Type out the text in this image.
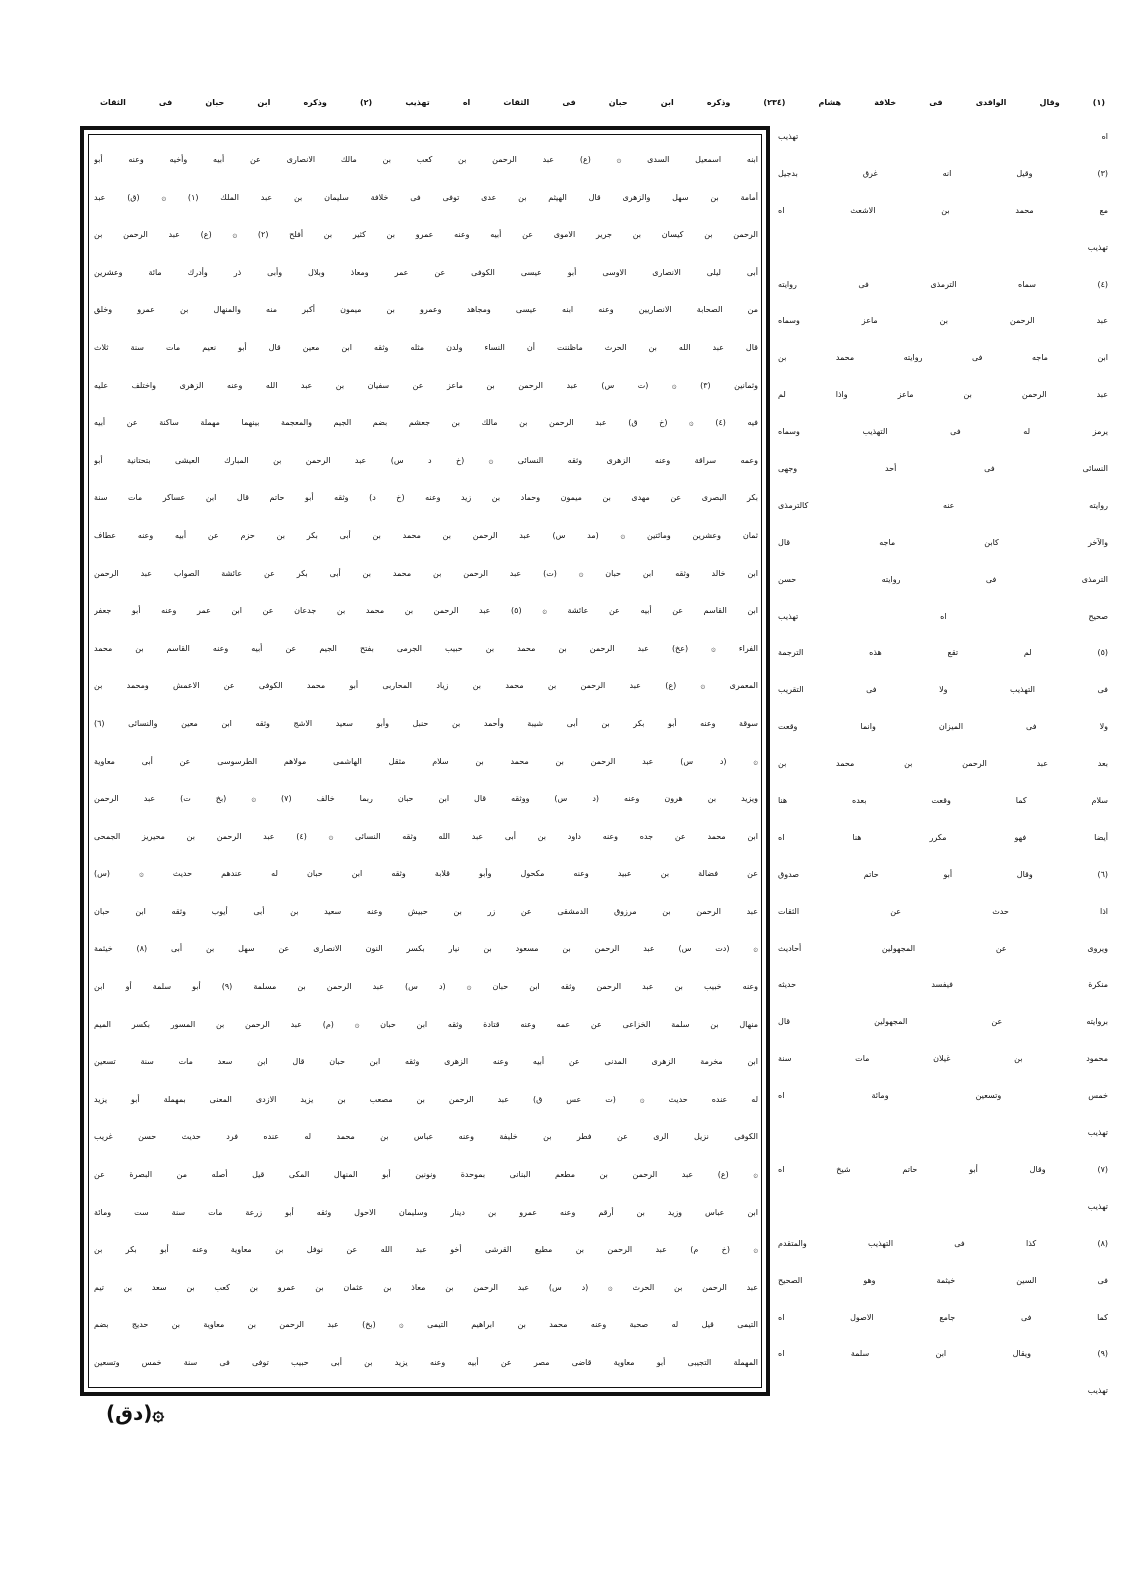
(١) وقال الواقدى فى خلافة هشام (٢٣٤) وذكره ابن حبان فى الثقات اه تهذيب (٢) وذكره ابن حبان فى الثقات
ابنه اسمعيل السدى ۞ (ع) عبد الرحمن بن كعب بن مالك الانصارى عن أبيه وأخيه وعنه أبو
أمامة بن سهل والزهرى قال الهيثم بن عدى توفى فى خلافة سليمان بن عبد الملك (١) ۞ (ق) عبد
الرحمن بن كيسان بن جرير الاموى عن أبيه وعنه عمرو بن كثير بن أفلح (٢) ۞ (ع) عبد الرحمن بن
أبى ليلى الانصارى الاوسى أبو عيسى الكوفى عن عمر ومعاذ وبلال وأبى ذر وأدرك مائة وعشرين
من الصحابة الانصاريين وعنه ابنه عيسى ومجاهد وعمرو بن ميمون أكبر منه والمنهال بن عمرو وخلق
قال عبد الله بن الحرث ماظننت أن النساء ولدن مثله وثقه ابن معين قال أبو نعيم مات سنة ثلاث
وثمانين (٣) ۞ (ت س) عبد الرحمن بن ماعز عن سفيان بن عبد الله وعنه الزهرى واختلف عليه
فيه (٤) ۞ (خ ق) عبد الرحمن بن مالك بن جعشم بضم الجيم والمعجمة بينهما مهملة ساكنة عن أبيه
وعمه سراقة وعنه الزهرى وثقه النسائى ۞ (خ د س) عبد الرحمن بن المبارك العيشى بتحتانية أبو
بكر البصرى عن مهدى بن ميمون وحماد بن زيد وعنه (خ د) وثقه أبو حاتم قال ابن عساكر مات سنة
ثمان وعشرين ومائتين ۞ (مد س) عبد الرحمن بن محمد بن أبى بكر بن حزم عن أبيه وعنه عطاف
ابن خالد وثقه ابن حبان ۞ (ت) عبد الرحمن بن محمد بن أبى بكر عن عائشة الصواب عبد الرحمن
ابن القاسم عن أبيه عن عائشة ۞ (٥) عبد الرحمن بن محمد بن جدعان عن ابن عمر وعنه أبو جعفر
الفراء ۞ (عخ) عبد الرحمن بن محمد بن حبيب الجرمى بفتح الجيم عن أبيه وعنه القاسم بن محمد
المعمرى ۞ (ع) عبد الرحمن بن محمد بن زياد المحاربى أبو محمد الكوفى عن الاعمش ومحمد بن
سوقة وعنه أبو بكر بن أبى شيبة وأحمد بن حنبل وأبو سعيد الاشج وثقه ابن معين والنسائى (٦)
۞ (د س) عبد الرحمن بن محمد بن سلام مثقل الهاشمى مولاهم الطرسوسى عن أبى معاوية
ويزيد بن هرون وعنه (د س) ووثقه قال ابن حبان ربما خالف (٧) ۞ (بخ ت) عبد الرحمن
ابن محمد عن جده وعنه داود بن أبى عبد الله وثقه النسائى ۞ (٤) عبد الرحمن بن محيريز الجمحى
عن فضالة بن عبيد وعنه مكحول وأبو قلابة وثقه ابن حبان له عندهم حديث ۞ (س)
عبد الرحمن بن مرزوق الدمشقى عن زر بن حبيش وعنه سعيد بن أبى أيوب وثقه ابن حبان
۞ (دت س) عبد الرحمن بن مسعود بن نيار بكسر النون الانصارى عن سهل بن أبى (٨) خيثمة
وعنه خبيب بن عبد الرحمن وثقه ابن حبان ۞ (د س) عبد الرحمن بن مسلمة (٩) أبو سلمة أو ابن
منهال بن سلمة الخزاعى عن عمه وعنه قتادة وثقه ابن حبان ۞ (م) عبد الرحمن بن المسور بكسر الميم
ابن مخرمة الزهرى المدنى عن أبيه وعنه الزهرى وثقه ابن حبان قال ابن سعد مات سنة تسعين
له عنده حديث ۞ (ت عس ق) عبد الرحمن بن مصعب بن يزيد الازدى المعنى بمهملة أبو يزيد
الكوفى نزيل الرى عن فطر بن خليفة وعنه عباس بن محمد له عنده فرد حديث حسن غريب
۞ (ع) عبد الرحمن بن مطعم البنانى بموحدة ونونين أبو المنهال المكى قيل أصله من البصرة عن
ابن عباس وزيد بن أرقم وعنه عمرو بن دينار وسليمان الاحول وثقه أبو زرعة مات سنة ست ومائة
۞ (خ م) عبد الرحمن بن مطيع القرشى أخو عبد الله عن نوفل بن معاوية وعنه أبو بكر بن
عبد الرحمن بن الحرث ۞ (د س) عبد الرحمن بن معاذ بن عثمان بن عمرو بن كعب بن سعد بن تيم
التيمى قيل له صحبة وعنه محمد بن ابراهيم التيمى ۞ (بخ) عبد الرحمن بن معاوية بن حديج بضم
المهملة التجيبى أبو معاوية قاضى مصر عن أبيه وعنه يزيد بن أبى حبيب توفى فى سنة خمس وتسعين
اه تهذيب
(٣) وقيل انه غرق بدجيل
مع محمد بن الاشعث اه
تهذيب
(٤) سماه الترمذى فى روايته
عبد الرحمن بن ماعز وسماه
ابن ماجه فى روايته محمد بن
عبد الرحمن بن ماعز واذا لم
يرمز له فى التهذيب وسماه
النسائى فى أحد وجهى
روايته عنه كالترمذى
والآخر كابن ماجه قال
الترمذى فى روايته حسن
صحيح اه تهذيب
(٥) لم تقع هذه الترجمة
فى التهذيب ولا فى التقريب
ولا فى الميزان وانما وقعت
بعد عبد الرحمن بن محمد بن
سلام كما وقعت بعده هنا
أيضا فهو مكرر هنا اه
(٦) وقال أبو حاتم صدوق
اذا حدث عن الثقات
ويروى عن المجهولين أحاديث
منكرة فيفسد حديثه
بروايته عن المجهولين قال
محمود بن غيلان مات سنة
خمس وتسعين ومائة اه
تهذيب
(٧) وقال أبو حاتم شيخ اه
تهذيب
(٨) كذا فى التهذيب والمتقدم
فى السين خيثمة وهو الصحيح
كما فى جامع الاصول اه
(٩) ويقال ابن سلمة اه
تهذيب
۞(دق)
